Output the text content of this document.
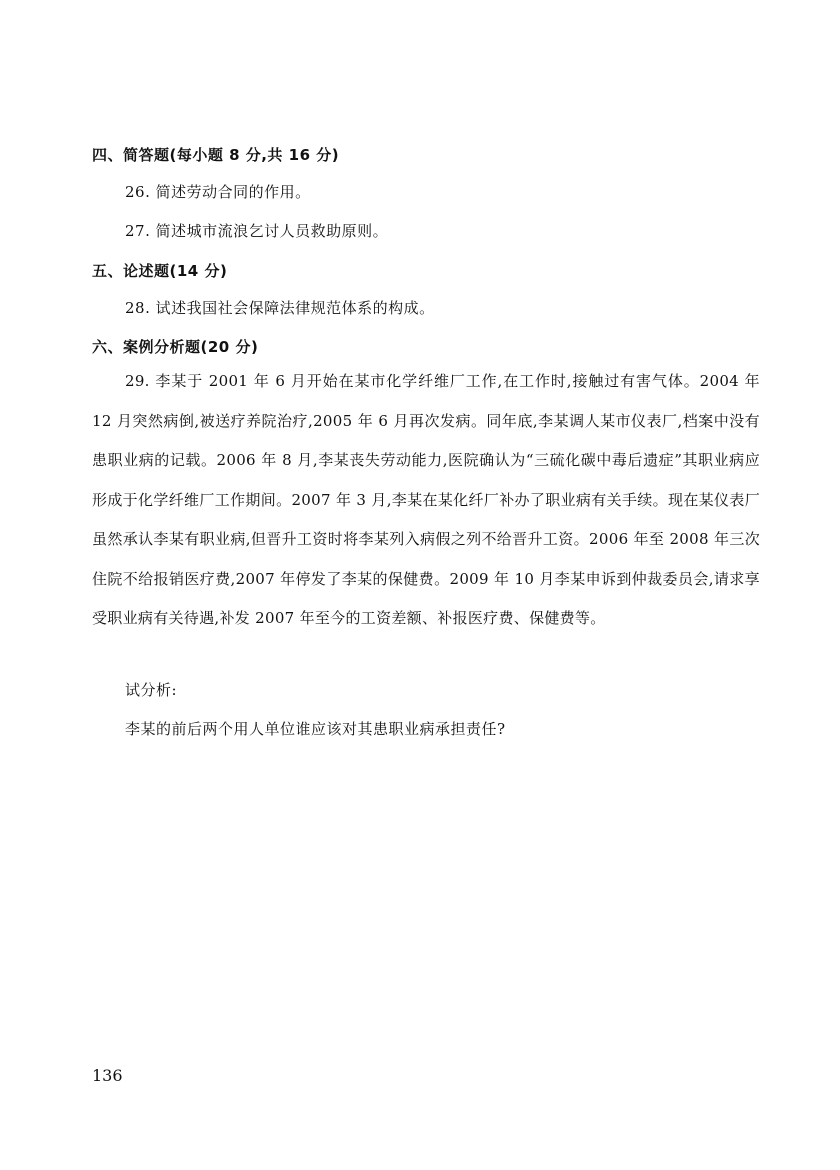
四、简答题(每小题 8 分,共 16 分)
26. 简述劳动合同的作用。
27. 简述城市流浪乞讨人员救助原则。
五、论述题(14 分)
28. 试述我国社会保障法律规范体系的构成。
六、案例分析题(20 分)

29. 李某于 2001 年 6 月开始在某市化学纤维厂工作,在工作时,接触过有害气体。2004 年 12 月突然病倒,被送疗养院治疗,2005 年 6 月再次发病。同年底,李某调人某市仪表厂,档案中没有患职业病的记载。2006 年 8 月,李某丧失劳动能力,医院确认为“三硫化碳中毒后遗症”其职业病应形成于化学纤维厂工作期间。2007 年 3 月,李某在某化纤厂补办了职业病有关手续。现在某仪表厂虽然承认李某有职业病,但晋升工资时将李某列入病假之列不给晋升工资。2006 年至 2008 年三次住院不给报销医疗费,2007 年停发了李某的保健费。2009 年 10 月李某申诉到仲裁委员会,请求享受职业病有关待遇,补发 2007 年至今的工资差额、补报医疗费、保健费等。

试分析:
李某的前后两个用人单位谁应该对其患职业病承担责任?
136
